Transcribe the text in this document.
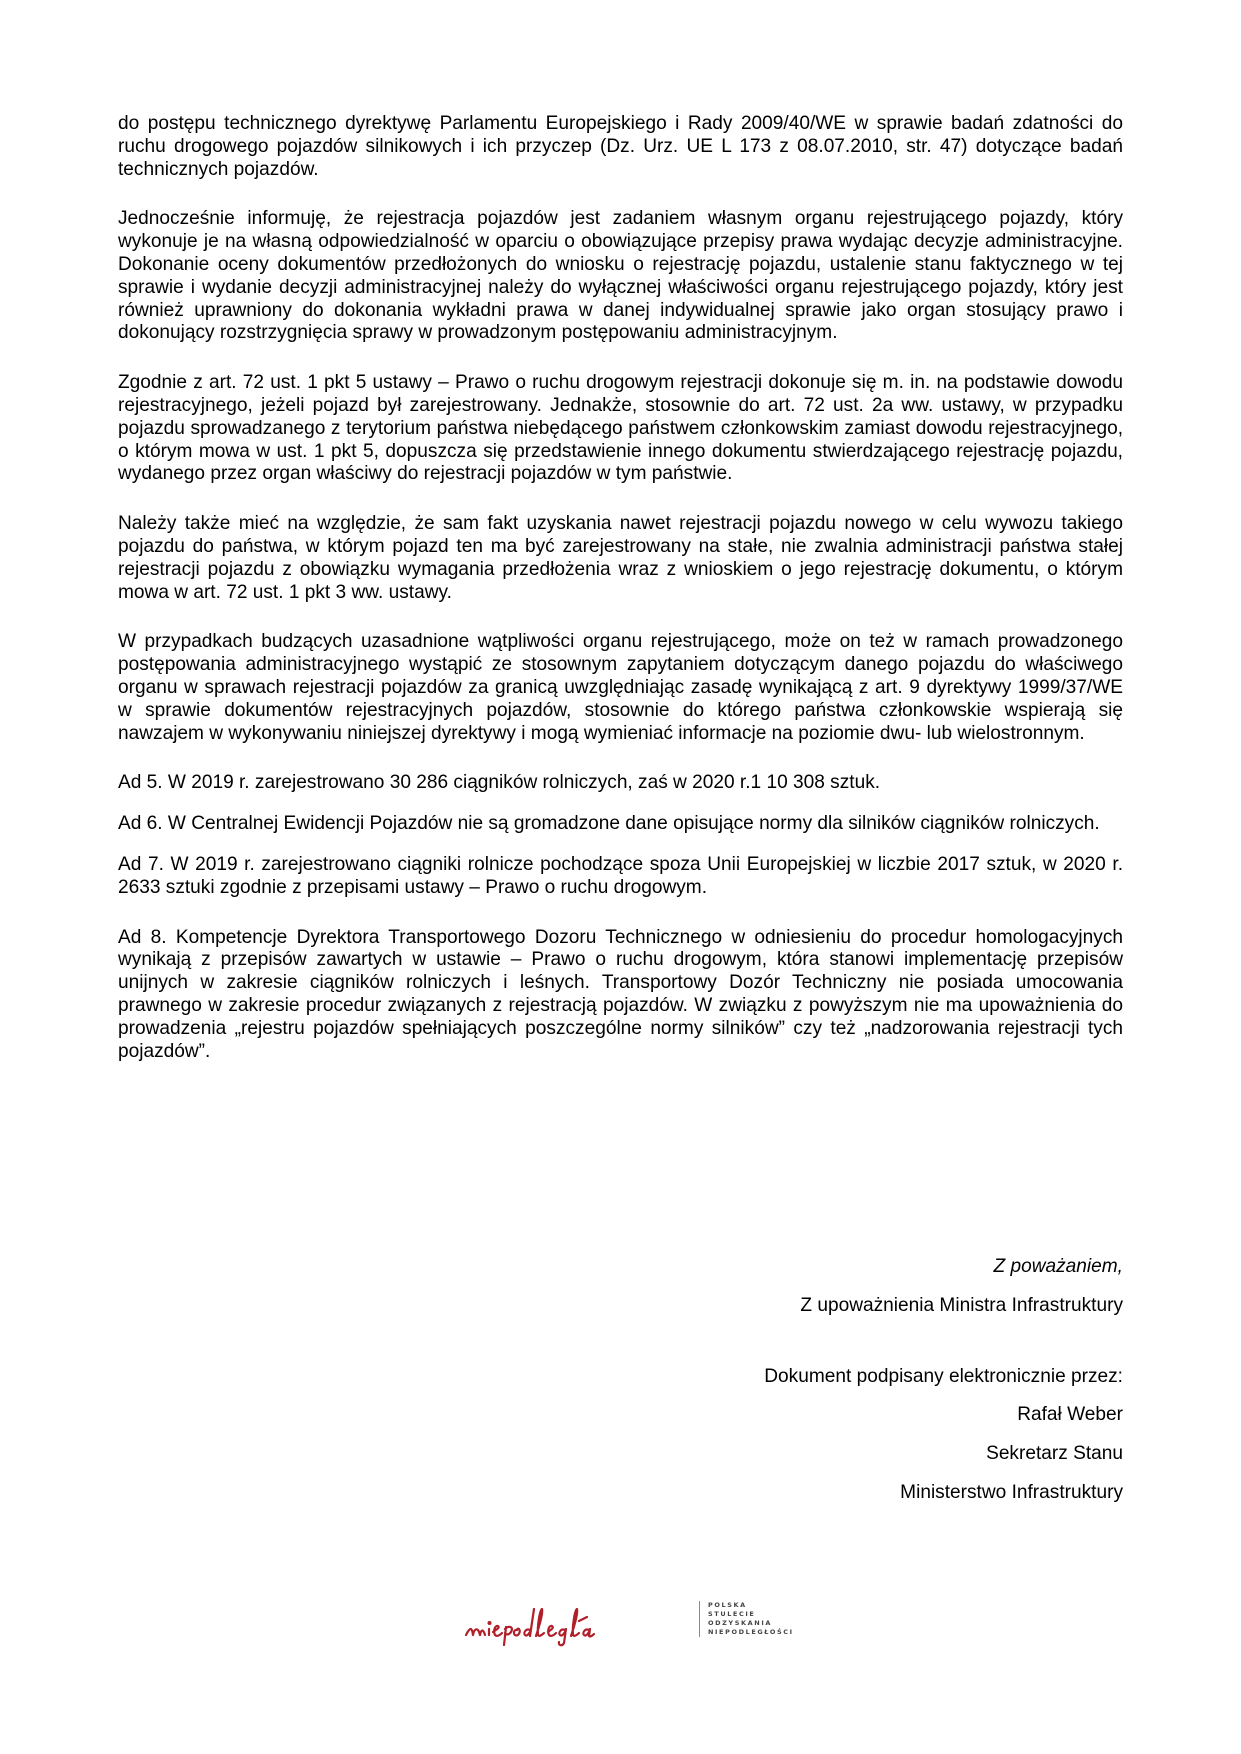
do postępu technicznego dyrektywę Parlamentu Europejskiego i Rady 2009/40/WE w sprawie badań zdatności do ruchu drogowego pojazdów silnikowych i ich przyczep (Dz. Urz. UE L 173 z 08.07.2010, str. 47) dotyczące badań technicznych pojazdów.

Jednocześnie informuję, że rejestracja pojazdów jest zadaniem własnym organu rejestrującego pojazdy, który wykonuje je na własną odpowiedzialność w oparciu o obowiązujące przepisy prawa wydając decyzje administracyjne. Dokonanie oceny dokumentów przedłożonych do wniosku o rejestrację pojazdu, ustalenie stanu faktycznego w tej sprawie i wydanie decyzji administracyjnej należy do wyłącznej właściwości organu rejestrującego pojazdy, który jest również uprawniony do dokonania wykładni prawa w danej indywidualnej sprawie jako organ stosujący prawo i dokonujący rozstrzygnięcia sprawy w prowadzonym postępowaniu administracyjnym.

Zgodnie z art. 72 ust. 1 pkt 5 ustawy – Prawo o ruchu drogowym rejestracji dokonuje się m. in. na podstawie dowodu rejestracyjnego, jeżeli pojazd był zarejestrowany. Jednakże, stosownie do art. 72 ust. 2a ww. ustawy, w przypadku pojazdu sprowadzanego z terytorium państwa niebędącego państwem członkowskim zamiast dowodu rejestracyjnego, o którym mowa w ust. 1 pkt 5, dopuszcza się przedstawienie innego dokumentu stwierdzającego rejestrację pojazdu, wydanego przez organ właściwy do rejestracji pojazdów w tym państwie.

Należy także mieć na względzie, że sam fakt uzyskania nawet rejestracji pojazdu nowego w celu wywozu takiego pojazdu do państwa, w którym pojazd ten ma być zarejestrowany na stałe, nie zwalnia administracji państwa stałej rejestracji pojazdu z obowiązku wymagania przedłożenia wraz z wnioskiem o jego rejestrację dokumentu, o którym mowa w art. 72 ust. 1 pkt 3 ww. ustawy.

W przypadkach budzących uzasadnione wątpliwości organu rejestrującego, może on też w ramach prowadzonego postępowania administracyjnego wystąpić ze stosownym zapytaniem dotyczącym danego pojazdu do właściwego organu w sprawach rejestracji pojazdów za granicą uwzględniając zasadę wynikającą z art. 9 dyrektywy 1999/37/WE w sprawie dokumentów rejestracyjnych pojazdów, stosownie do którego państwa członkowskie wspierają się nawzajem w wykonywaniu niniejszej dyrektywy i mogą wymieniać informacje na poziomie dwu- lub wielostronnym.

Ad 5. W 2019 r. zarejestrowano 30 286 ciągników rolniczych, zaś w 2020 r.1 10 308 sztuk.

Ad 6. W Centralnej Ewidencji Pojazdów nie są gromadzone dane opisujące normy dla silników ciągników rolniczych.

Ad 7. W 2019 r. zarejestrowano ciągniki rolnicze pochodzące spoza Unii Europejskiej w liczbie 2017 sztuk, w 2020 r. 2633 sztuki zgodnie z przepisami ustawy – Prawo o ruchu drogowym.

Ad 8. Kompetencje Dyrektora Transportowego Dozoru Technicznego w odniesieniu do procedur homologacyjnych wynikają z przepisów zawartych w ustawie – Prawo o ruchu drogowym, która stanowi implementację przepisów unijnych w zakresie ciągników rolniczych i leśnych. Transportowy Dozór Techniczny nie posiada umocowania prawnego w zakresie procedur związanych z rejestracją pojazdów. W związku z powyższym nie ma upoważnienia do prowadzenia „rejestru pojazdów spełniających poszczególne normy silników” czy też „nadzorowania rejestracji tych pojazdów”.

Z poważaniem,
Z upoważnienia Ministra Infrastruktury
Dokument podpisany elektronicznie przez:
Rafał Weber
Sekretarz Stanu
Ministerstwo Infrastruktury
POLSKA
STULECIE ODZYSKANIA
NIEPODLEGŁOŚCI
